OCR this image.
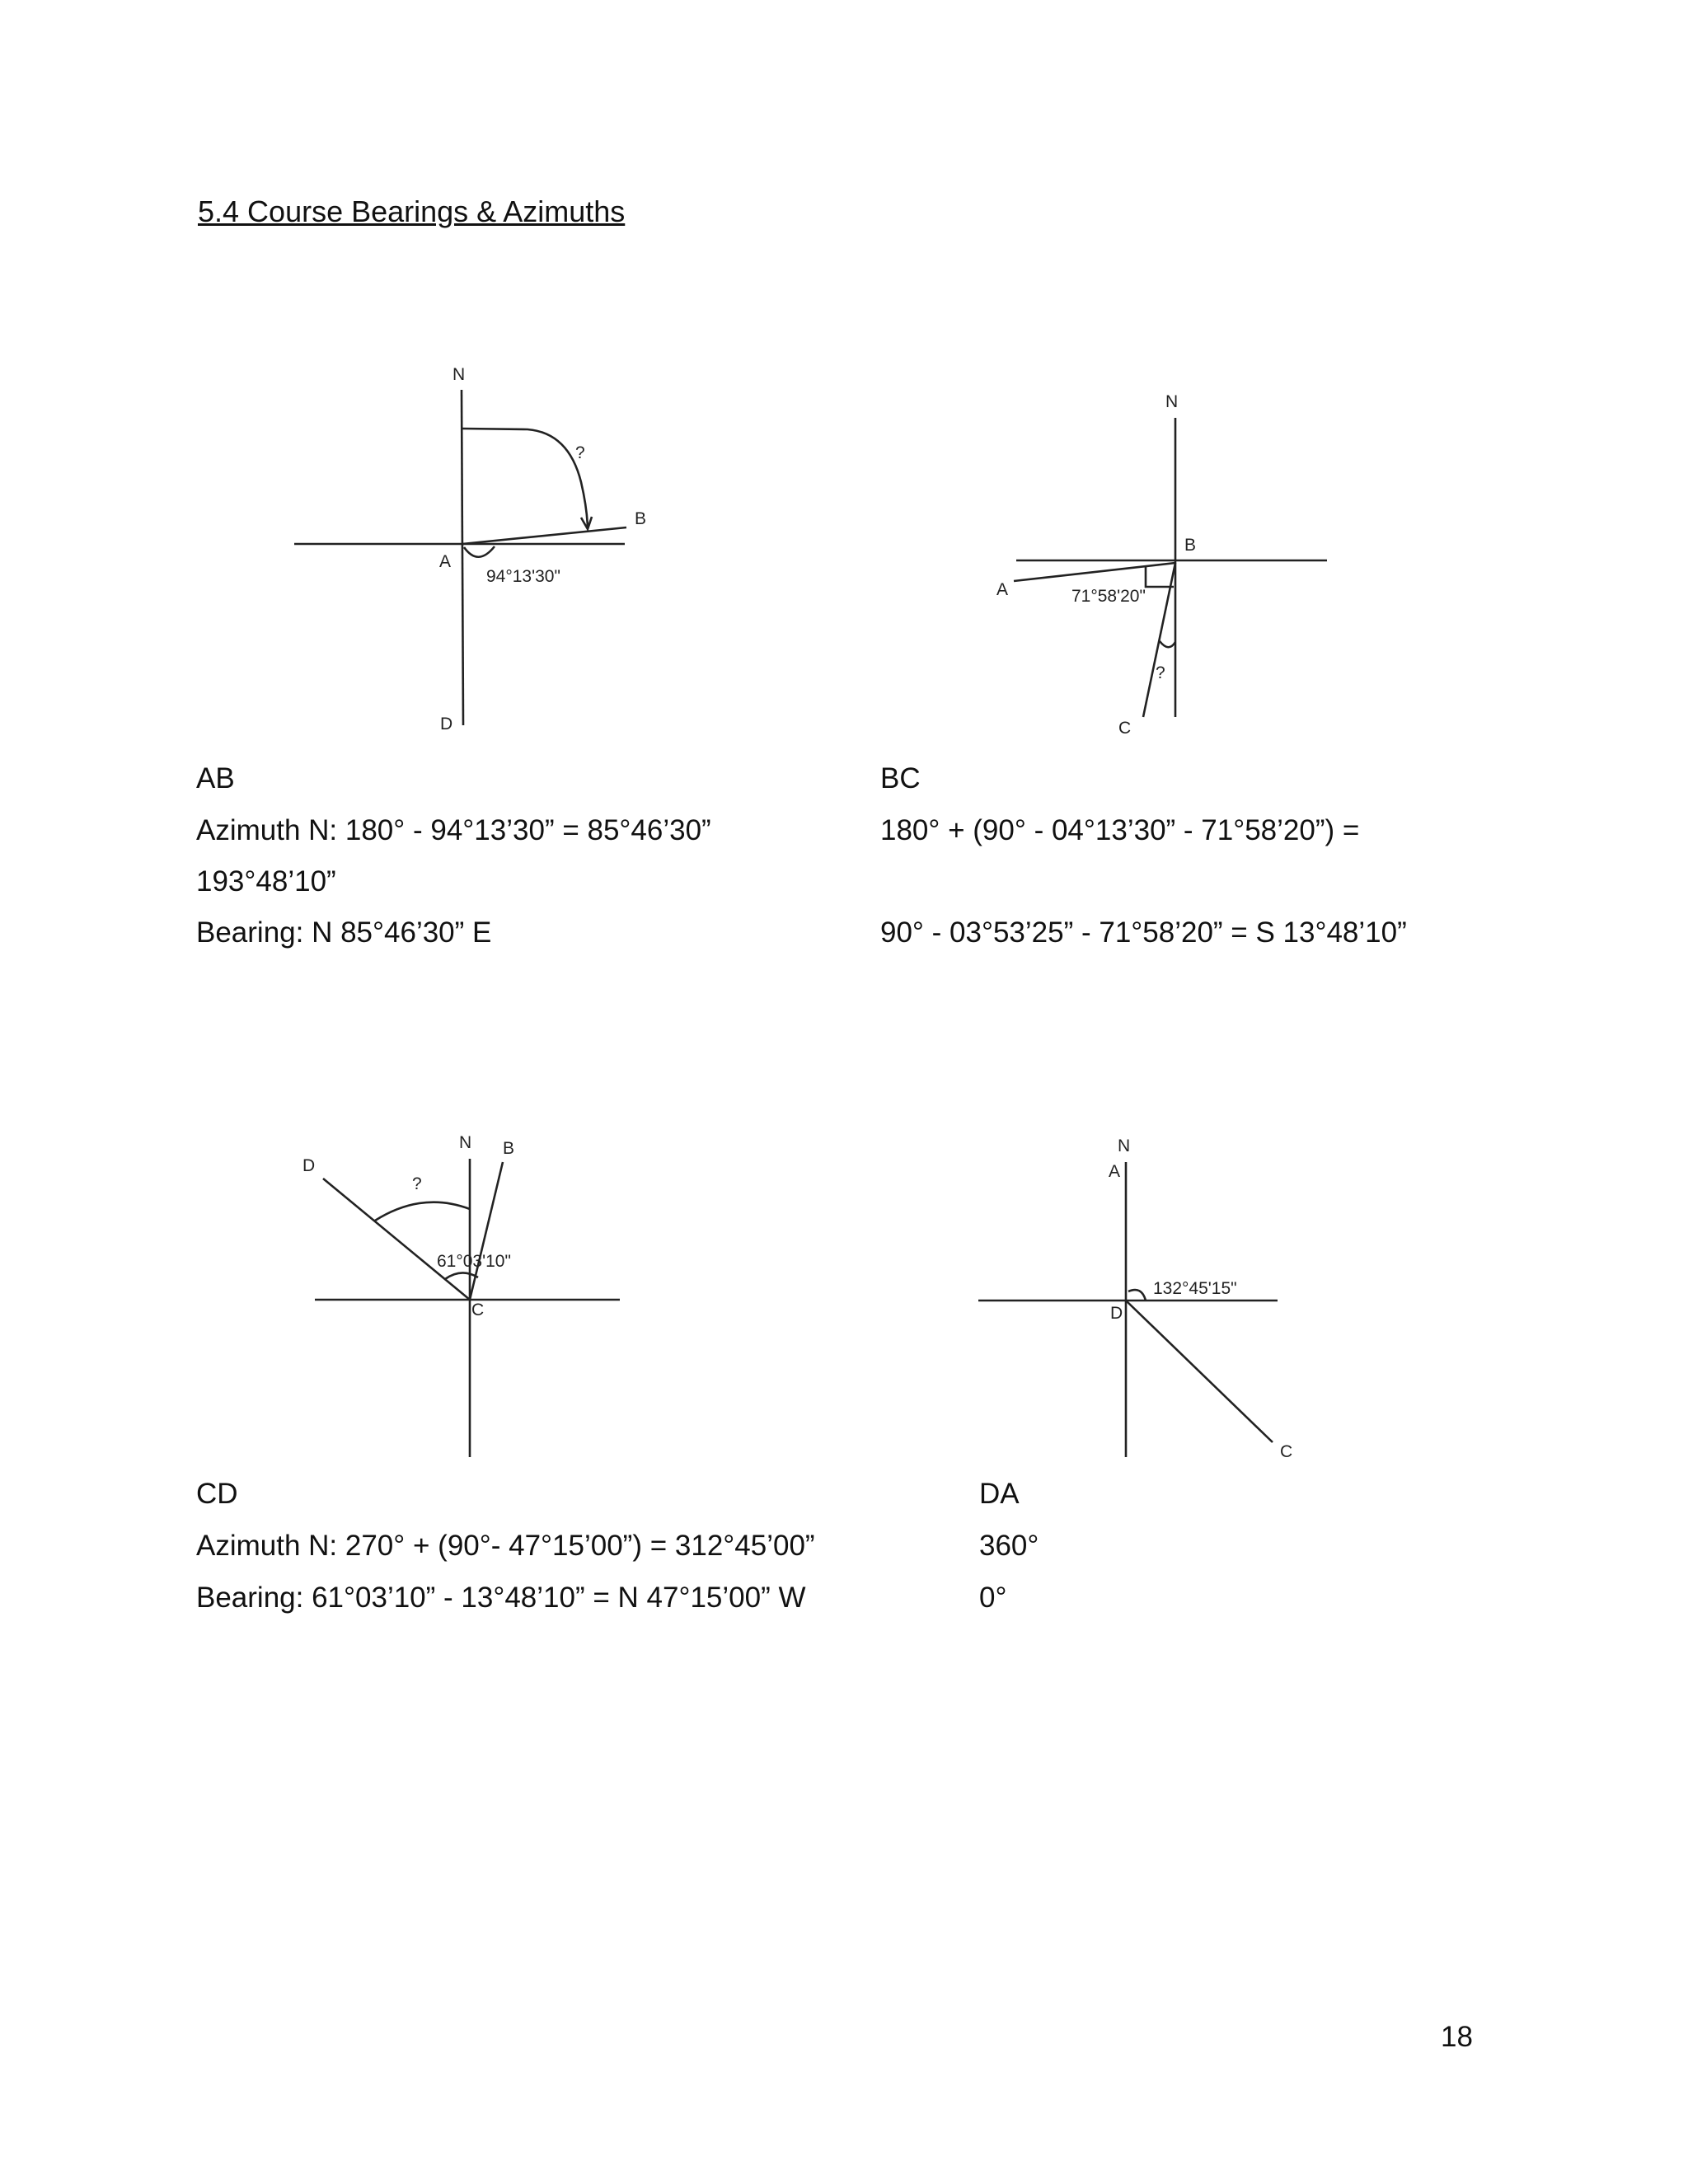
5.4 Course Bearings & Azimuths
N
?
B
A
94°13'30"
D
N
B
A	71°58'20"
?
C
N B
D
?
61°03'10"
C
N
A
132°45'15"
D
C
AB
Azimuth N: 180° - 94°13’30” = 85°46’30”
193°48’10”
Bearing: N 85°46’30” E
BC
180° + (90° - 04°13’30” - 71°58’20”) =
90° - 03°53’25” - 71°58’20” = S 13°48’10”
CD
Azimuth N: 270° + (90°- 47°15’00”) = 312°45’00”
Bearing: 61°03’10” - 13°48’10” = N 47°15’00” W
DA
360°
0°
18
